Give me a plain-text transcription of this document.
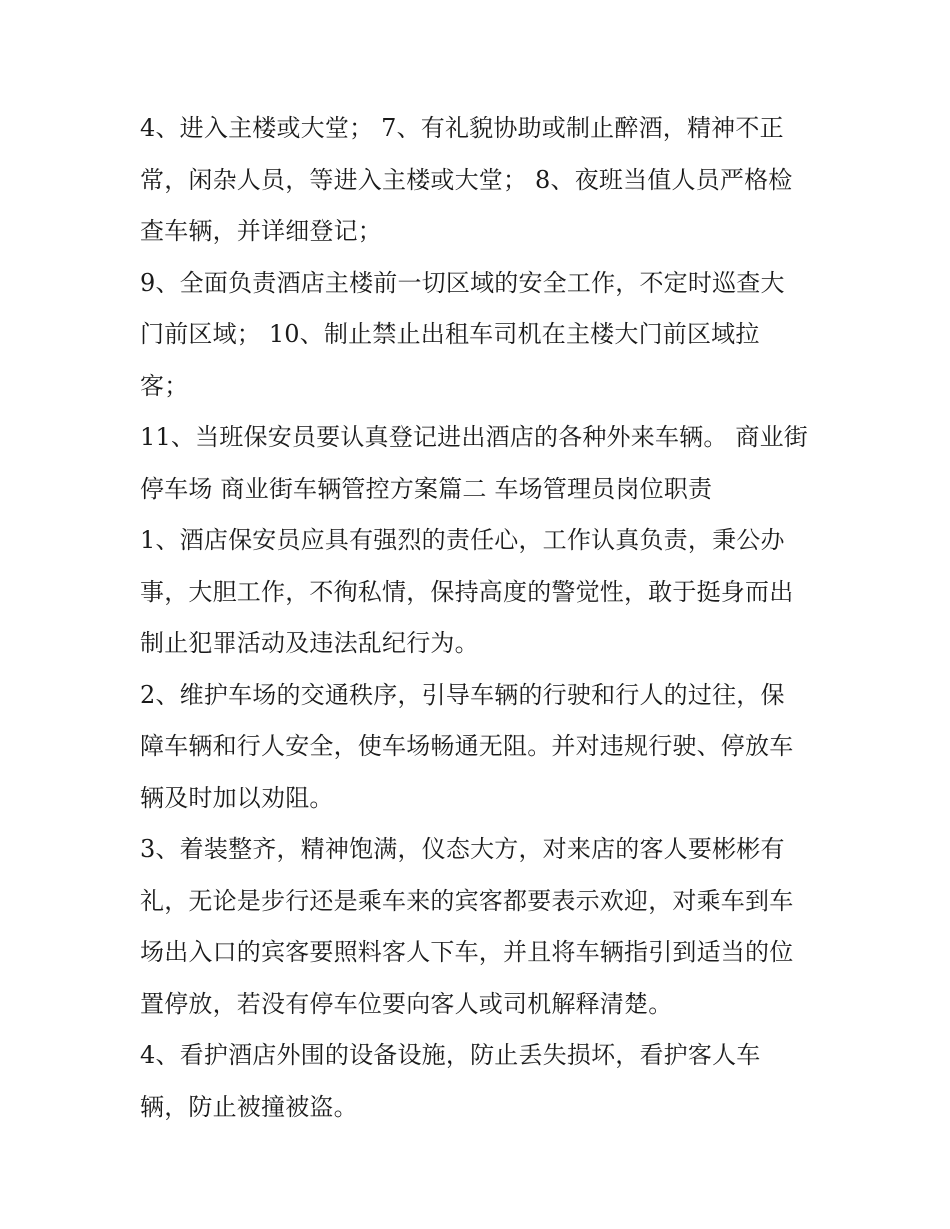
4、进入主楼或大堂； 7、有礼貌协助或制止醉酒，精神不正
常，闲杂人员，等进入主楼或大堂； 8、夜班当值人员严格检
查车辆，并详细登记；

9、全面负责酒店主楼前一切区域的安全工作，不定时巡查大
门前区域； 10、制止禁止出租车司机在主楼大门前区域拉
客；

11、当班保安员要认真登记进出酒店的各种外来车辆。 商业街
停车场 商业街车辆管控方案篇二 车场管理员岗位职责

1、酒店保安员应具有强烈的责任心，工作认真负责，秉公办
事，大胆工作，不徇私情，保持高度的警觉性，敢于挺身而出
制止犯罪活动及违法乱纪行为。

2、维护车场的交通秩序，引导车辆的行驶和行人的过往，保
障车辆和行人安全，使车场畅通无阻。并对违规行驶、停放车
辆及时加以劝阻。

3、着装整齐，精神饱满，仪态大方，对来店的客人要彬彬有
礼，无论是步行还是乘车来的宾客都要表示欢迎，对乘车到车
场出入口的宾客要照料客人下车，并且将车辆指引到适当的位
置停放，若没有停车位要向客人或司机解释清楚。

4、看护酒店外围的设备设施，防止丢失损坏，看护客人车
辆，防止被撞被盗。
